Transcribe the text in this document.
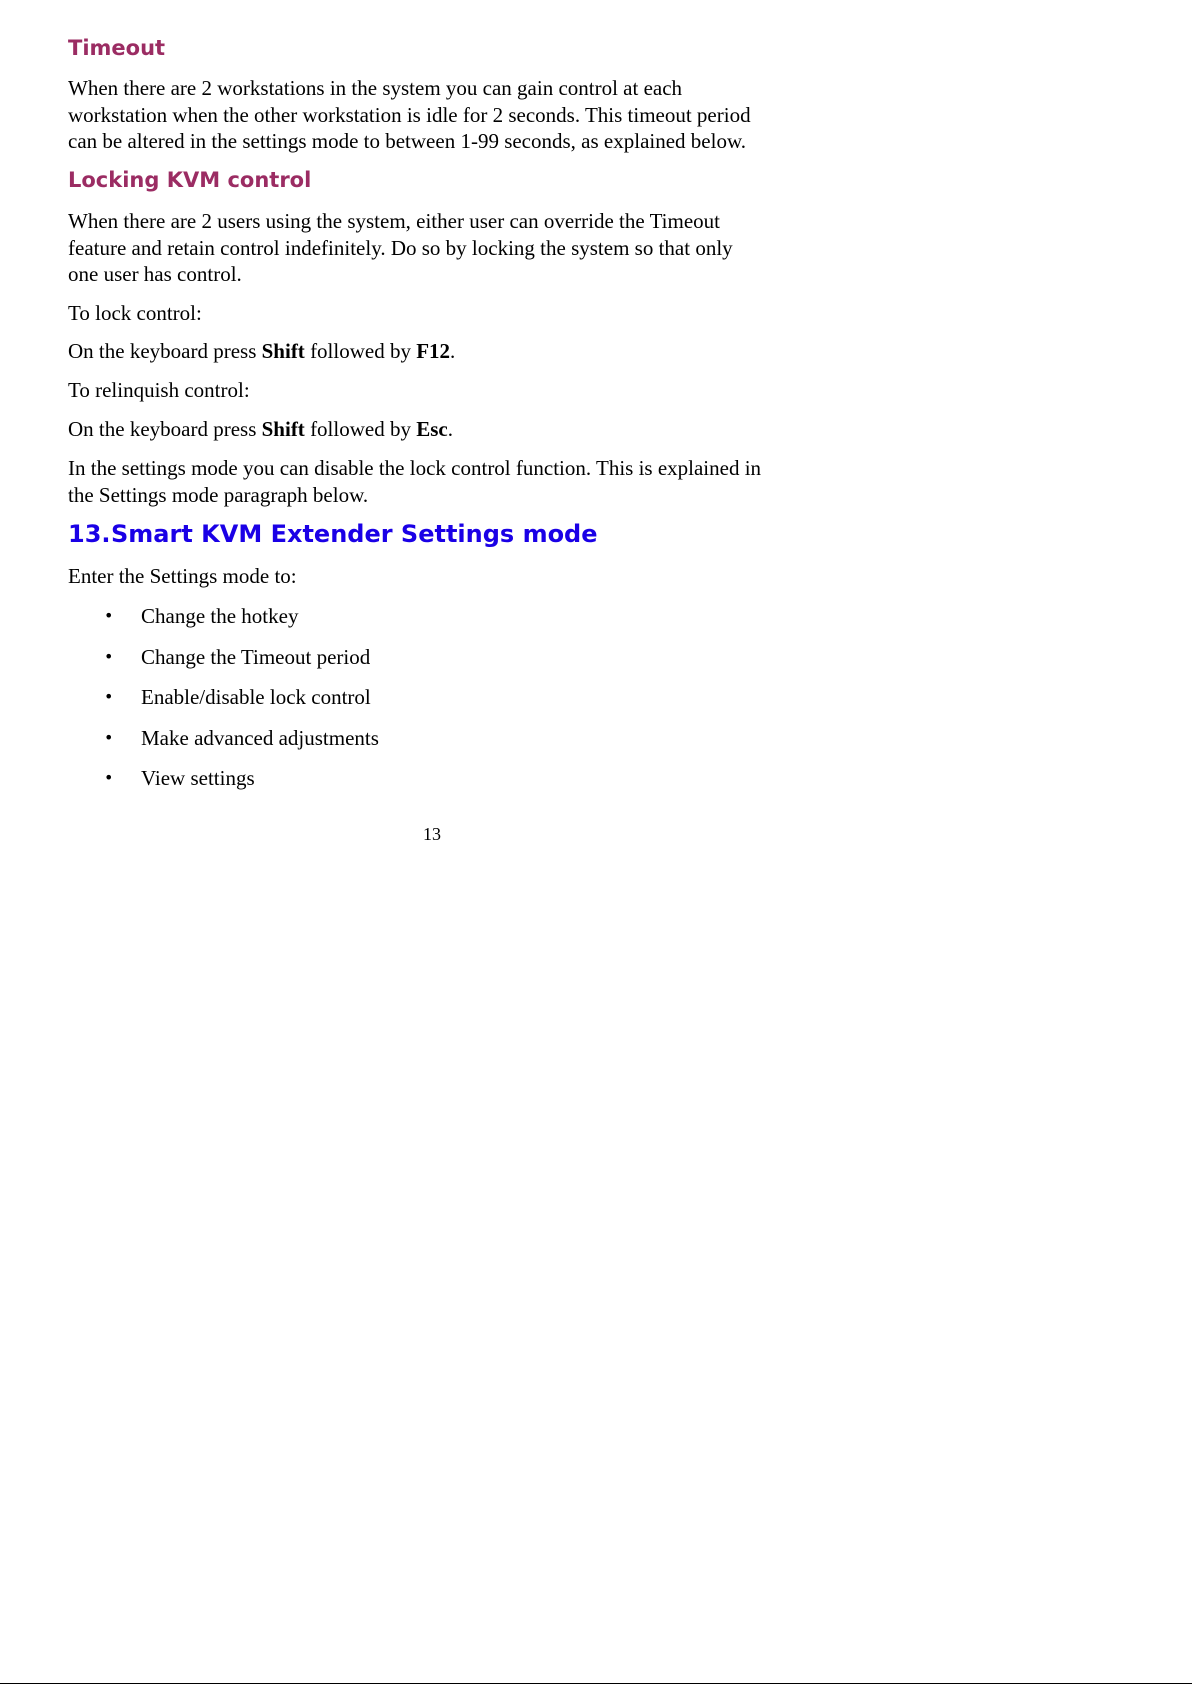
Timeout
When there are 2 workstations in the system you can gain control at each
workstation when the other workstation is idle for 2 seconds. This timeout period
can be altered in the settings mode to between 1-99 seconds, as explained below.
Locking KVM control
When there are 2 users using the system, either user can override the Timeout
feature and retain control indefinitely. Do so by locking the system so that only
one user has control.
To lock control:
On the keyboard press Shift followed by F12.
To relinquish control:
On the keyboard press Shift followed by Esc.
In the settings mode you can disable the lock control function. This is explained in
the Settings mode paragraph below.
13.Smart KVM Extender Settings mode
Enter the Settings mode to:
• Change the hotkey
• Change the Timeout period
• Enable/disable lock control
• Make advanced adjustments
• View settings
13
